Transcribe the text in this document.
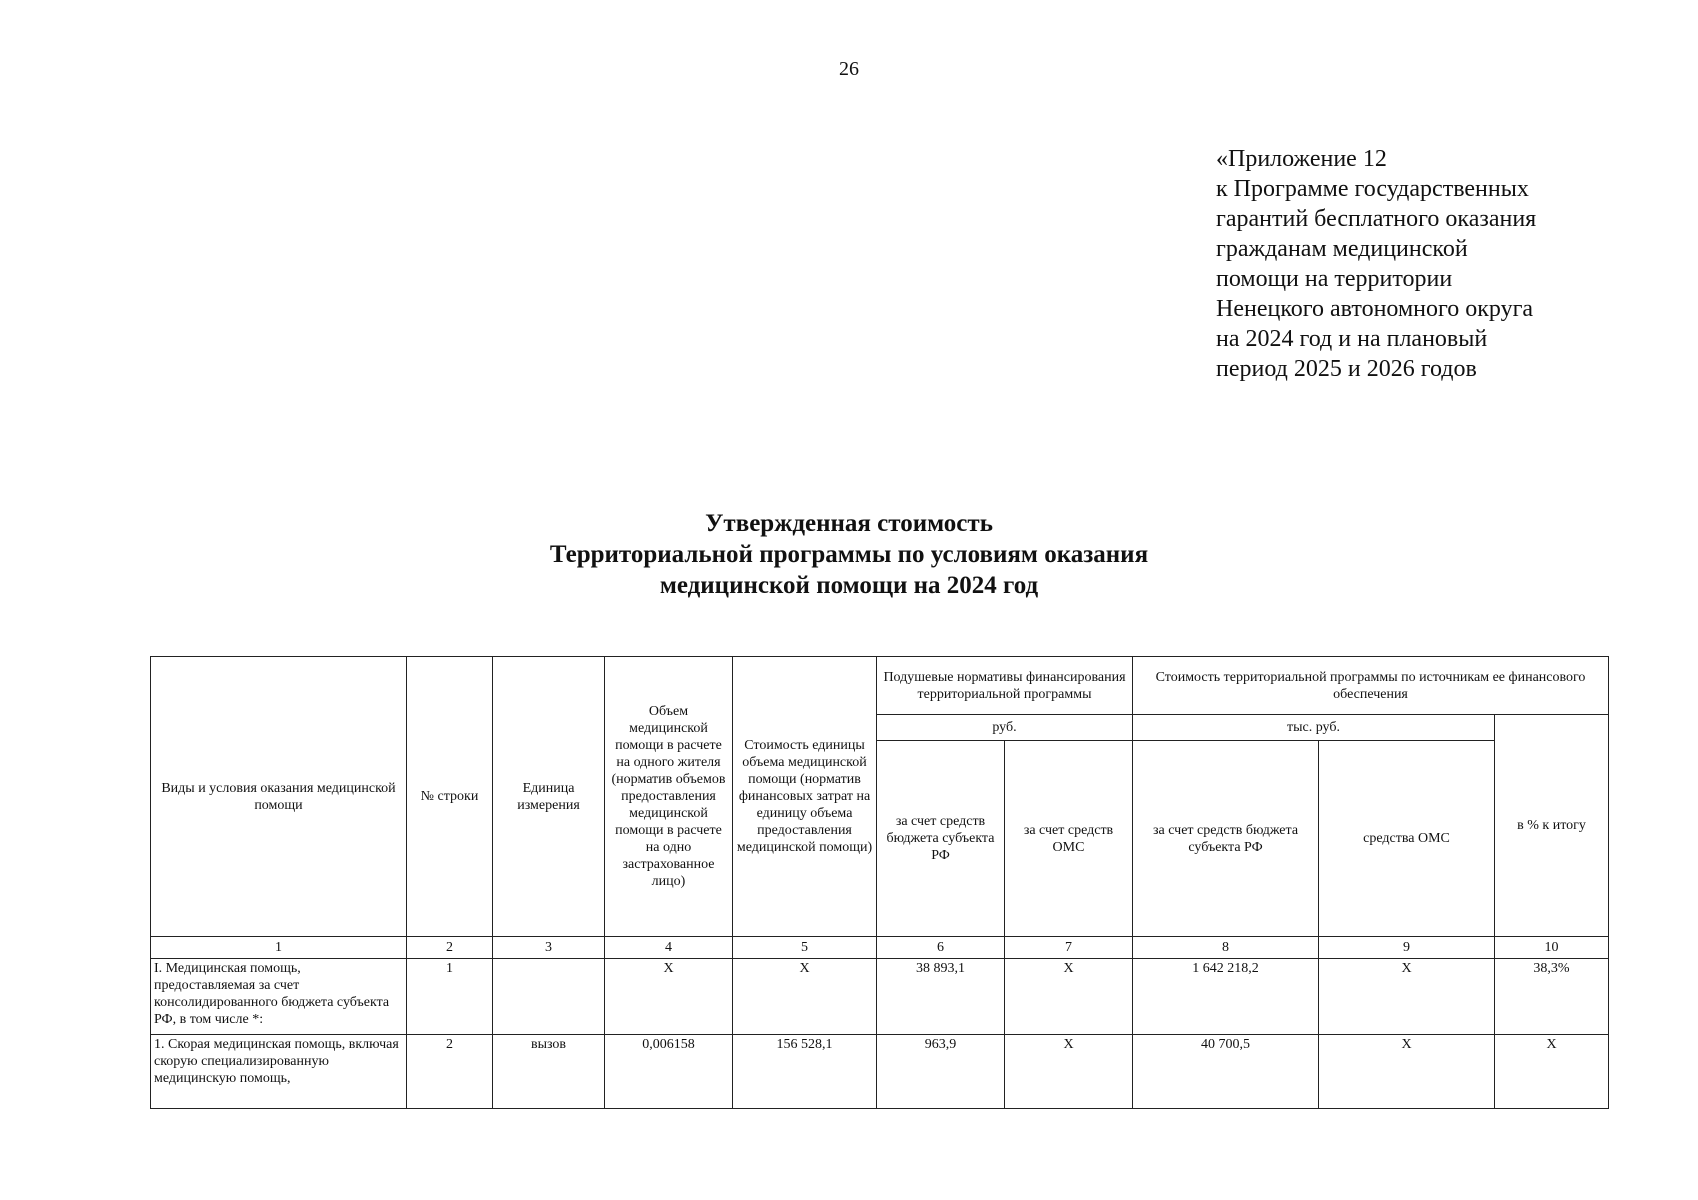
26
«Приложение 12
к Программе государственных
гарантий бесплатного оказания
гражданам медицинской
помощи на территории
Ненецкого автономного округа
на 2024 год и на плановый
период 2025 и 2026 годов
Утвержденная стоимость
Территориальной программы по условиям оказания
медицинской помощи на 2024 год
Виды и условия оказания медицинской помощи	№ строки	Единица измерения	Объем медицинской помощи в расчете на одного жителя (норматив объемов предоставления медицинской помощи в расчете на одно застрахованное лицо)	Стоимость единицы объема медицинской помощи (норматив финансовых затрат на единицу объема предоставления медицинской помощи)	Подушевые нормативы финансирования территориальной программы		Стоимость территориальной программы по источникам ее финансового обеспечения		
					руб.		тыс. руб.		в % к итогу
					за счет средств бюджета субъекта РФ	за счет средств ОМС	за счет средств бюджета субъекта РФ	средства ОМС	
1	2	3	4	5	6	7	8	9	10
I. Медицинская помощь, предоставляемая за счет консолидированного бюджета субъекта РФ, в том числе *:	1		X	X	38 893,1	X	1 642 218,2	X	38,3%
1. Скорая медицинская помощь, включая скорую специализированную медицинскую помощь,	2	вызов	0,006158	156 528,1	963,9	X	40 700,5	X	X
